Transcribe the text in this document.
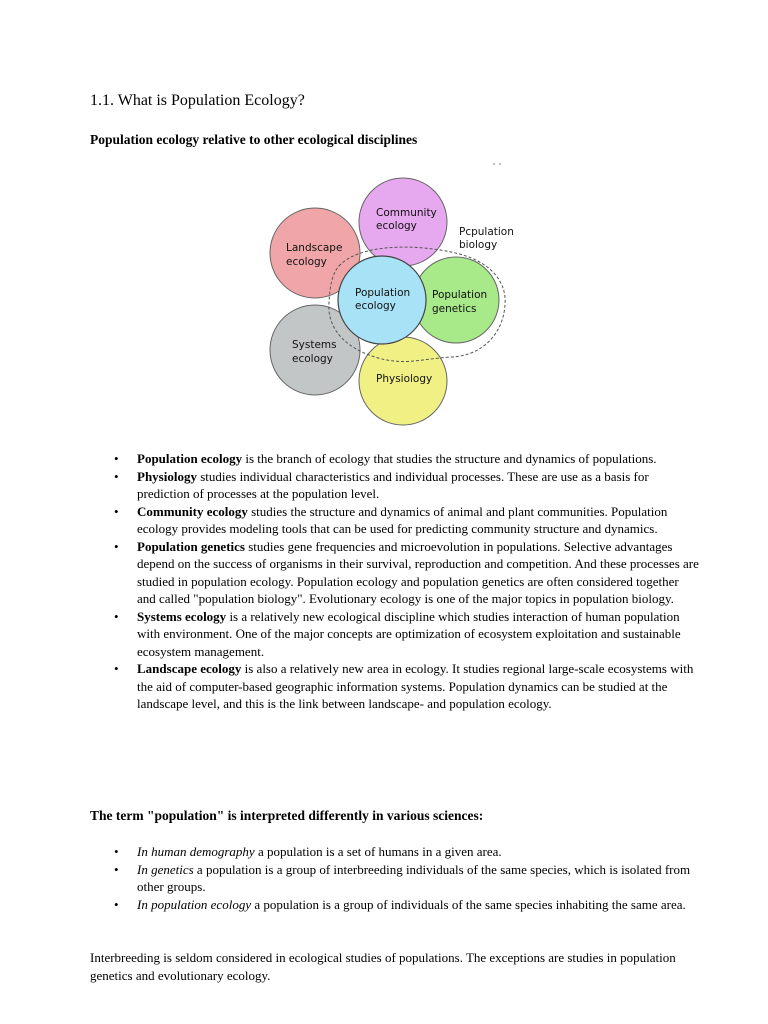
1.1. What is Population Ecology?
Population ecology relative to other ecological disciplines
Community
ecology
Landscape
ecology
Population
genetics
Systems
ecology
Physiology
Population
ecology
Pcpulation
biology
• Population ecology is the branch of ecology that studies the structure and dynamics of populations.
• Physiology studies individual characteristics and individual processes. These are use as a basis for prediction of processes at the population level.
• Community ecology studies the structure and dynamics of animal and plant communities. Population ecology provides modeling tools that can be used for predicting community structure and dynamics.
• Population genetics studies gene frequencies and microevolution in populations. Selective advantages depend on the success of organisms in their survival, reproduction and competition. And these processes are studied in population ecology. Population ecology and population genetics are often considered together and called "population biology". Evolutionary ecology is one of the major topics in population biology.
• Systems ecology is a relatively new ecological discipline which studies interaction of human population with environment. One of the major concepts are optimization of ecosystem exploitation and sustainable ecosystem management.
• Landscape ecology is also a relatively new area in ecology. It studies regional large-scale ecosystems with the aid of computer-based geographic information systems. Population dynamics can be studied at the landscape level, and this is the link between landscape- and population ecology.
The term "population" is interpreted differently in various sciences:
• In human demography a population is a set of humans in a given area.
• In genetics a population is a group of interbreeding individuals of the same species, which is isolated from other groups.
• In population ecology a population is a group of individuals of the same species inhabiting the same area.

Interbreeding is seldom considered in ecological studies of populations. The exceptions are studies in population genetics and evolutionary ecology.
